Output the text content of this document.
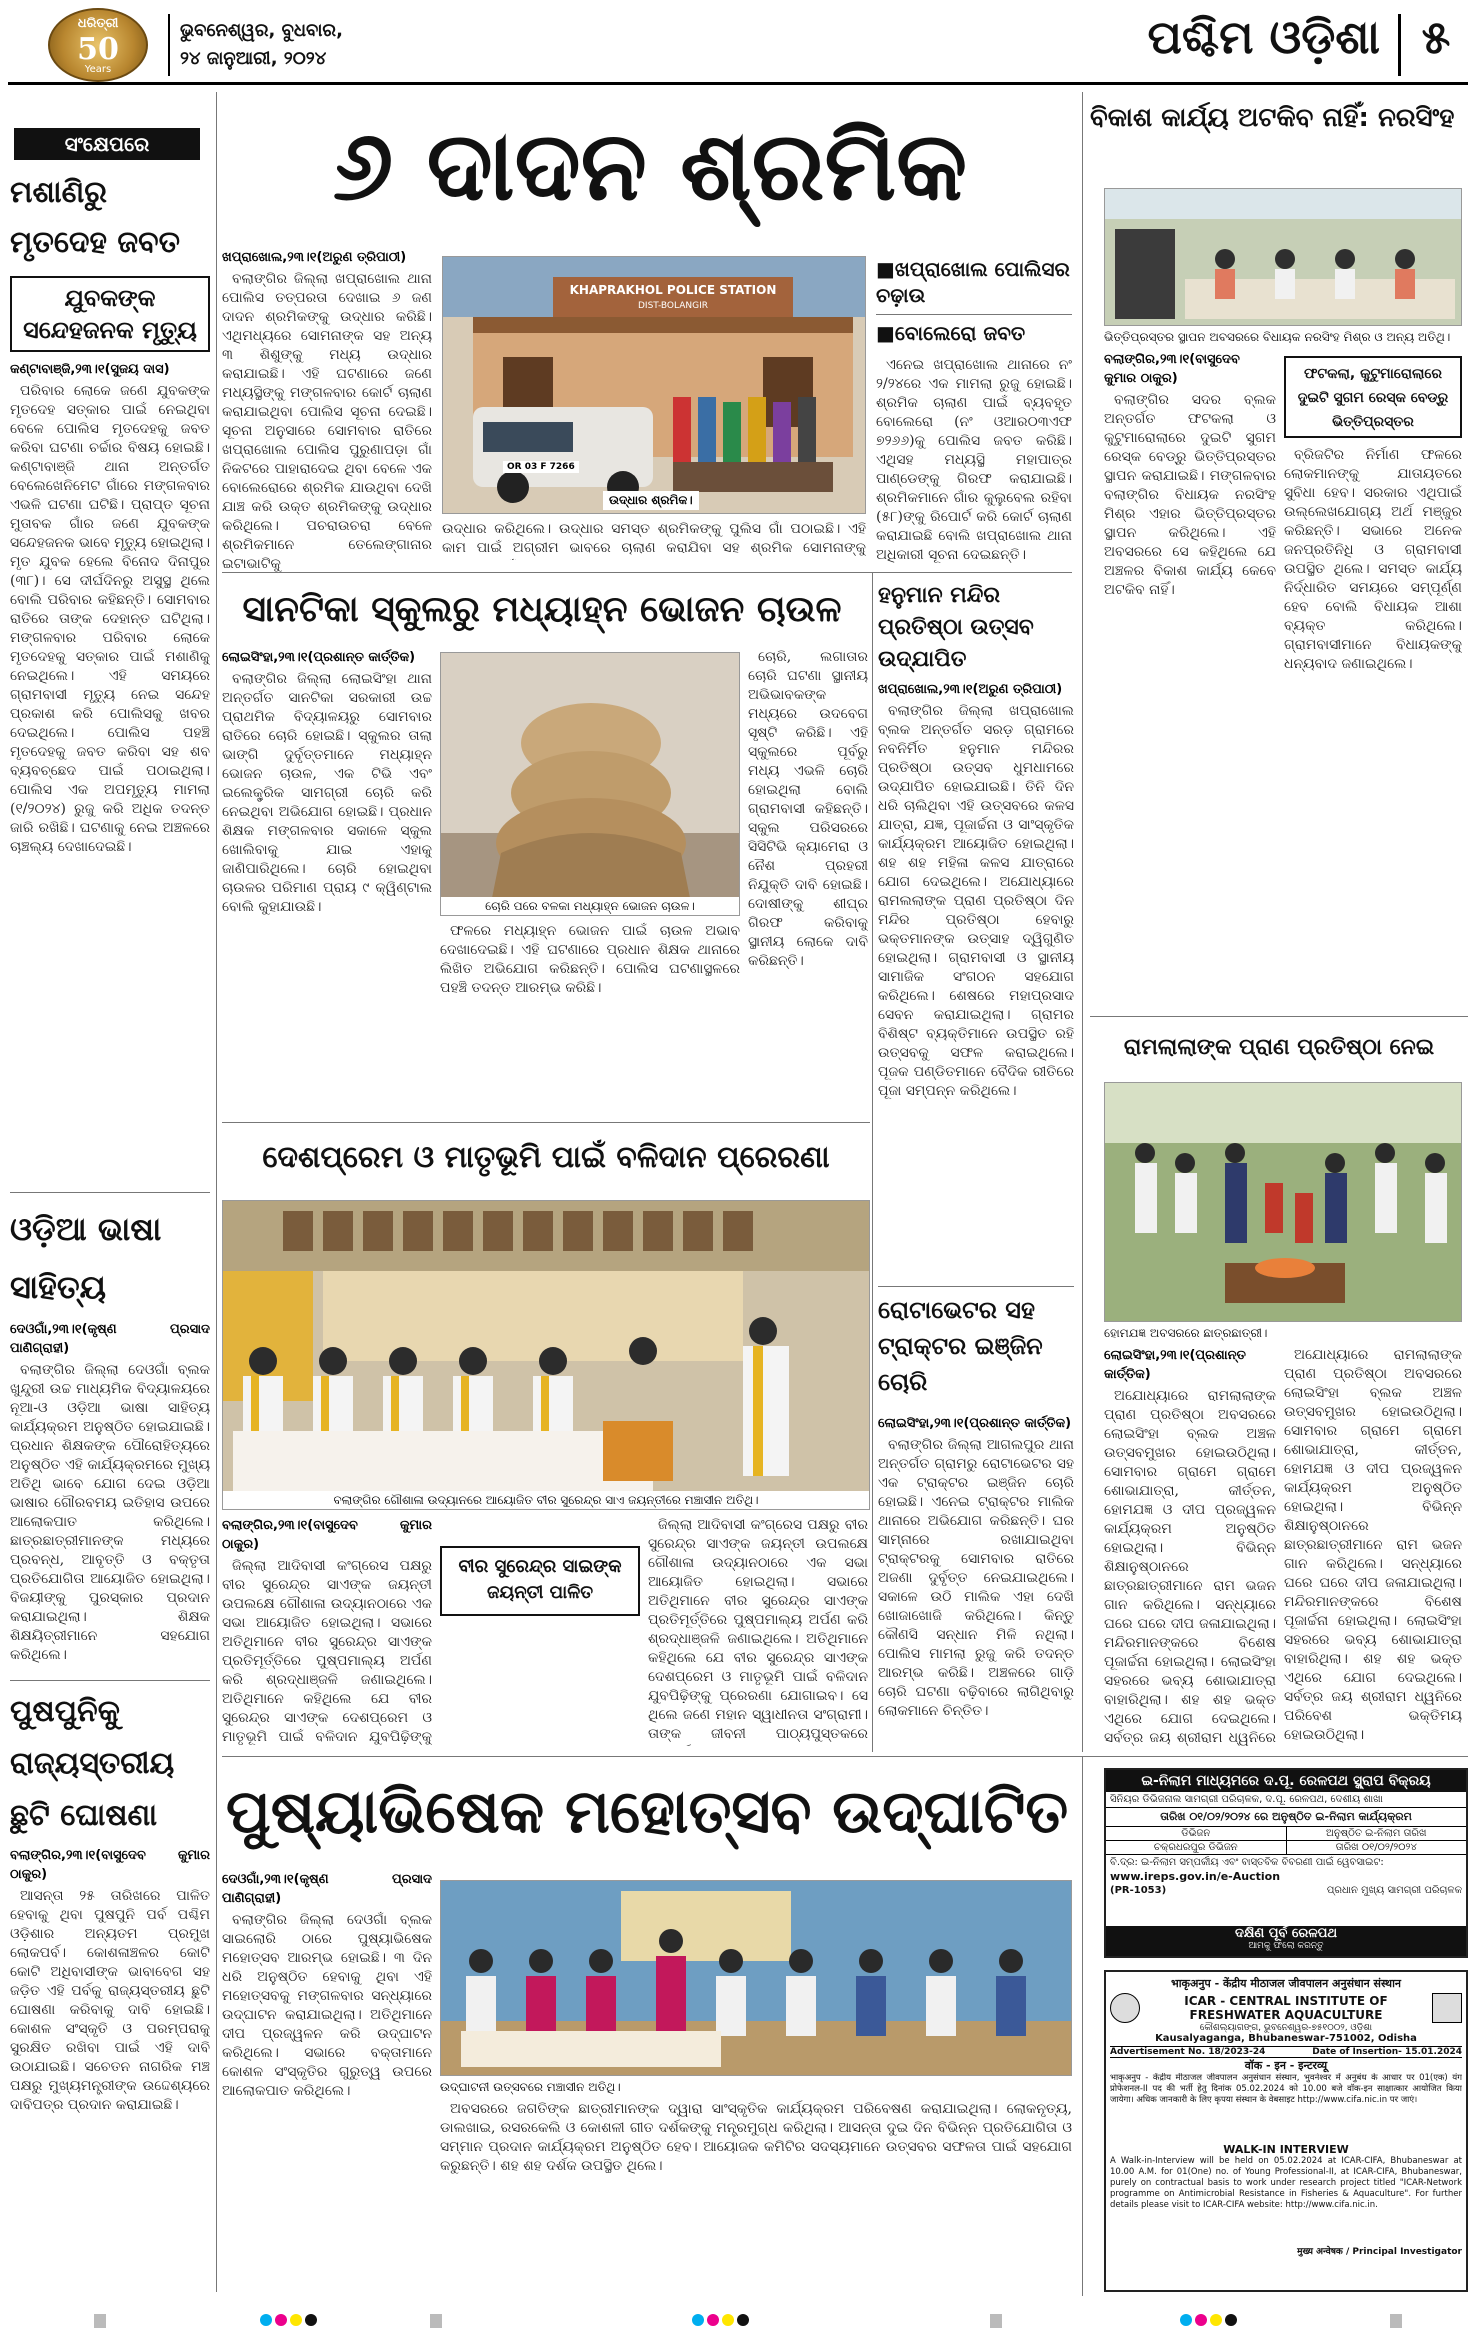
ଧରିତ୍ରୀ
50
Years
ଭୁବନେଶ୍ୱର, ବୁଧବାର,
୨୪ ଜାନୁଆରୀ, ୨୦୨୪	ପଶ୍ଚିମ ଓଡ଼ିଶା ୫
ସଂକ୍ଷେପରେ
ମଶାଣିରୁ ମୃତଦେହ ଜବତ
ଯୁବକଙ୍କ ସନ୍ଦେହଜନକ ମୃତ୍ୟୁ
କଣ୍ଟାବାଞ୍ଜି,୨୩।୧(ସୁଜୟ ଦାସ)

ପରିବାର ଲୋକେ ଜଣେ ଯୁବକଙ୍କ ମୃତଦେହ ସତ୍କାର ପାଇଁ ନେଇଥିବା ବେଳେ ପୋଲିସ ମୃତଦେହକୁ ଜବତ କରିବା ଘଟଣା ଚର୍ଚ୍ଚାର ବିଷୟ ହୋଇଛି। କଣ୍ଟାବାଞ୍ଜି ଥାନା ଅନ୍ତର୍ଗତ ବେଲେଖେନିମେଟ ଗାଁରେ ମଙ୍ଗଳବାର ଏଭଳି ଘଟଣା ଘଟିଛି। ପ୍ରାପ୍ତ ସୂଚନା ମୁତାବକ ଗାଁର ଜଣେ ଯୁବକଙ୍କ ସନ୍ଦେହଜନକ ଭାବେ ମୃତ୍ୟୁ ହୋଇଥିଲା। ମୃତ ଯୁବକ ହେଲେ ବିନୋଦ ଦିନାପୁର (୩୮)। ସେ ଦୀର୍ଘଦିନରୁ ଅସୁସ୍ଥ ଥିଲେ ବୋଲି ପରିବାର କହିଛନ୍ତି। ସୋମବାର ରାତିରେ ତାଙ୍କ ଦେହାନ୍ତ ଘଟିଥିଲା। ମଙ୍ଗଳବାର ପରିବାର ଲୋକେ ମୃତଦେହକୁ ସତ୍କାର ପାଇଁ ମଶାଣିକୁ ନେଇଥିଲେ। ଏହି ସମୟରେ ଗ୍ରାମବାସୀ ମୃତ୍ୟୁ ନେଇ ସନ୍ଦେହ ପ୍ରକାଶ କରି ପୋଲିସକୁ ଖବର ଦେଇଥିଲେ। ପୋଲିସ ପହଞ୍ଚି ମୃତଦେହକୁ ଜବତ କରିବା ସହ ଶବ ବ୍ୟବଚ୍ଛେଦ ପାଇଁ ପଠାଇଥିଲା। ପୋଲିସ ଏକ ଅପମୃତ୍ୟୁ ମାମଲା (୧/୨୦୨୪) ରୁଜୁ କରି ଅଧିକ ତଦନ୍ତ ଜାରି ରଖିଛି। ଘଟଣାକୁ ନେଇ ଅଞ୍ଚଳରେ ଚାଞ୍ଚଲ୍ୟ ଦେଖାଦେଇଛି।

ଓଡ଼ିଆ ଭାଷା ସାହିତ୍ୟ
ଦେଓଗାଁ,୨୩।୧(କୃଷ୍ଣ ପ୍ରସାଦ ପାଣିଗ୍ରାହୀ)

ବଲାଙ୍ଗିର ଜିଲ୍ଲା ଦେଓଗାଁ ବ୍ଲକ ଖୁନ୍ଦୁରୀ ଉଚ୍ଚ ମାଧ୍ୟମିକ ବିଦ୍ୟାଳୟରେ ନୂଆ-ଓ ଓଡ଼ିଆ ଭାଷା ସାହିତ୍ୟ କାର୍ଯ୍ୟକ୍ରମ ଅନୁଷ୍ଠିତ ହୋଇଯାଇଛି। ପ୍ରଧାନ ଶିକ୍ଷକଙ୍କ ପୌରୋହିତ୍ୟରେ ଅନୁଷ୍ଠିତ ଏହି କାର୍ଯ୍ୟକ୍ରମରେ ମୁଖ୍ୟ ଅତିଥି ଭାବେ ଯୋଗ ଦେଇ ଓଡ଼ିଆ ଭାଷାର ଗୌରବମୟ ଇତିହାସ ଉପରେ ଆଲୋକପାତ କରିଥିଲେ। ଛାତ୍ରଛାତ୍ରୀମାନଙ୍କ ମଧ୍ୟରେ ପ୍ରବନ୍ଧ, ଆବୃତ୍ତି ଓ ବକ୍ତୃତା ପ୍ରତିଯୋଗିତା ଆୟୋଜିତ ହୋଇଥିଲା। ବିଜୟୀଙ୍କୁ ପୁରସ୍କାର ପ୍ରଦାନ କରାଯାଇଥିଲା। ଶିକ୍ଷକ ଶିକ୍ଷୟିତ୍ରୀମାନେ ସହଯୋଗ କରିଥିଲେ।

ପୁଷପୁନିକୁ ରାଜ୍ୟସ୍ତରୀୟ ଛୁଟି ଘୋଷଣା
ବଲାଙ୍ଗିର,୨୩।୧(ବାସୁଦେବ କୁମାର ଠାକୁର)

ଆସନ୍ତା ୨୫ ତାରିଖରେ ପାଳିତ ହେବାକୁ ଥିବା ପୁଷପୁନି ପର୍ବ ପଶ୍ଚିମ ଓଡ଼ିଶାର ଅନ୍ୟତମ ପ୍ରମୁଖ ଲୋକପର୍ବ। କୋଶଳାଞ୍ଚଳର କୋଟି କୋଟି ଅଧିବାସୀଙ୍କ ଭାବାବେଗ ସହ ଜଡ଼ିତ ଏହି ପର୍ବକୁ ରାଜ୍ୟସ୍ତରୀୟ ଛୁଟି ଘୋଷଣା କରିବାକୁ ଦାବି ହୋଇଛି। କୋଶଳ ସଂସ୍କୃତି ଓ ପରମ୍ପରାକୁ ସୁରକ୍ଷିତ ରଖିବା ପାଇଁ ଏହି ଦାବି ଉଠାଯାଇଛି। ସଚେତନ ନାଗରିକ ମଞ୍ଚ ପକ୍ଷରୁ ମୁଖ୍ୟମନ୍ତ୍ରୀଙ୍କ ଉଦ୍ଦେଶ୍ୟରେ ଦାବିପତ୍ର ପ୍ରଦାନ କରାଯାଇଛି।

୬ ଦାଦନ ଶ୍ରମିକ
ଖପ୍ରାଖୋଲ,୨୩।୧(ଅରୁଣ ତ୍ରିପାଠୀ)

ବଲାଙ୍ଗିର ଜିଲ୍ଲା ଖପ୍ରାଖୋଲ ଥାନା ପୋଲିସ ତତ୍ପରତା ଦେଖାଇ ୬ ଜଣ ଦାଦନ ଶ୍ରମିକଙ୍କୁ ଉଦ୍ଧାର କରିଛି। ଏଥିମଧ୍ୟରେ ସୋମନାଙ୍କ ସହ ଅନ୍ୟ ୩ ଶିଶୁଙ୍କୁ ମଧ୍ୟ ଉଦ୍ଧାର କରାଯାଇଛି। ଏହି ଘଟଣାରେ ଜଣେ ମଧ୍ୟସ୍ଥିଙ୍କୁ ମଙ୍ଗଳବାର କୋର୍ଟ ଚାଲାଣ କରାଯାଇଥିବା ପୋଲିସ ସୂଚନା ଦେଇଛି। ସୂଚନା ଅନୁସାରେ ସୋମବାର ରାତିରେ ଖପ୍ରାଖୋଲ ପୋଲିସ ପୁରୁଣାପଡ଼ା ଗାଁ ନିକଟରେ ପାହାରାଦେଇ ଥିବା ବେଳେ ଏକ ବୋଲେରୋରେ ଶ୍ରମିକ ଯାଉଥିବା ଦେଖି ଯାଞ୍ଚ କରି ଉକ୍ତ ଶ୍ରମିକଙ୍କୁ ଉଦ୍ଧାର କରିଥିଲେ। ପଚରାଉଚରା ବେଳେ ଶ୍ରମିକମାନେ ତେଲେଙ୍ଗାନାର ଇଟାଭାଟିକୁ

KHAPRAKHOL POLICE STATION
DIST-BOLANGIR
OR 03 F 7266
ଉଦ୍ଧାର ଶ୍ରମିକ।

ଉଦ୍ଧାର କରିଥିଲେ। ଉଦ୍ଧାର ସମସ୍ତ ଶ୍ରମିକଙ୍କୁ ପୁଲିସ ଗାଁ ପଠାଇଛି। ଏହି କାମ ପାଇଁ ଅଗ୍ରୀମ ଭାବରେ ଚାଲାଣ କରାଯିବା ସହ ଶ୍ରମିକ ସୋମନାଙ୍କୁ

■ଖପ୍ରାଖୋଲ ପୋଲିସର ଚଢ଼ାଉ
■ବୋଲେରୋ ଜବତ

ଏନେଇ ଖପ୍ରାଖୋଲ ଥାନାରେ ନଂ ୨/୨୪ରେ ଏକ ମାମଲା ରୁଜୁ ହୋଇଛି। ଶ୍ରମିକ ଚାଲାଣ ପାଇଁ ବ୍ୟବହୃତ ବୋଲେରୋ (ନଂ ଓଆର୦୩ଏଫ ୭୨୬୬)କୁ ପୋଲିସ ଜବତ କରିଛି। ଏଥିସହ ମଧ୍ୟସ୍ଥି ମହାପାତ୍ର ପାଣ୍ଡେଙ୍କୁ ଗିରଫ କରାଯାଇଛି। ଶ୍ରମିକମାନେ ଗାଁର କୁଲୁବେଲ ରହିବା (୫୮)ଙ୍କୁ ରିପୋର୍ଟ କରି କୋର୍ଟ ଚାଲାଣ କରାଯାଇଛି ବୋଲି ଖପ୍ରାଖୋଲ ଥାନା ଅଧିକାରୀ ସୂଚନା ଦେଇଛନ୍ତି।

ସାନଟିକା ସ୍କୁଲରୁ ମଧ୍ୟାହ୍ନ ଭୋଜନ ଚାଉଳ
ଲୋଇସିଂହା,୨୩।୧(ପ୍ରଶାନ୍ତ କାର୍ତ୍ତିକ)

ବଲାଙ୍ଗିର ଜିଲ୍ଲା ଲୋଇସିଂହା ଥାନା ଅନ୍ତର୍ଗତ ସାନଟିକା ସରକାରୀ ଉଚ୍ଚ ପ୍ରାଥମିକ ବିଦ୍ୟାଳୟରୁ ସୋମବାର ରାତିରେ ଚୋରି ହୋଇଛି। ସ୍କୁଲର ତାଲା ଭାଙ୍ଗି ଦୁର୍ବୃତ୍ତମାନେ ମଧ୍ୟାହ୍ନ ଭୋଜନ ଚାଉଳ, ଏକ ଟିଭି ଏବଂ ଇଲେକ୍ଟ୍ରିକ ସାମଗ୍ରୀ ଚୋରି କରି ନେଇଥିବା ଅଭିଯୋଗ ହୋଇଛି। ପ୍ରଧାନ ଶିକ୍ଷକ ମଙ୍ଗଳବାର ସକାଳେ ସ୍କୁଲ ଖୋଲିବାକୁ ଯାଇ ଏହାକୁ ଜାଣିପାରିଥିଲେ। ଚୋରି ହୋଇଥିବା ଚାଉଳର ପରିମାଣ ପ୍ରାୟ ୯ କ୍ୱିଣ୍ଟାଲ ବୋଲି କୁହାଯାଉଛି।	ଚୋରି ପରେ ବଳକା ମଧ୍ୟାହ୍ନ ଭୋଜନ ଚାଉଳ।

ଫଳରେ ମଧ୍ୟାହ୍ନ ଭୋଜନ ପାଇଁ ଚାଉଳ ଅଭାବ ଦେଖାଦେଇଛି। ଏହି ଘଟଣାରେ ପ୍ରଧାନ ଶିକ୍ଷକ ଥାନାରେ ଲିଖିତ ଅଭିଯୋଗ କରିଛନ୍ତି। ପୋଲିସ ଘଟଣାସ୍ଥଳରେ ପହଞ୍ଚି ତଦନ୍ତ ଆରମ୍ଭ କରିଛି।

ଚୋରି, ଲଗାତାର ଚୋରି ଘଟଣା ସ୍ଥାନୀୟ ଅଭିଭାବକଙ୍କ ମଧ୍ୟରେ ଉଦବେଗ ସୃଷ୍ଟି କରିଛି। ଏହି ସ୍କୁଲରେ ପୂର୍ବରୁ ମଧ୍ୟ ଏଭଳି ଚୋରି ହୋଇଥିଲା ବୋଲି ଗ୍ରାମବାସୀ କହିଛନ୍ତି। ସ୍କୁଲ ପରିସରରେ ସିସିଟିଭି କ୍ୟାମେରା ଓ ନୈଶ ପ୍ରହରୀ ନିଯୁକ୍ତି ଦାବି ହୋଇଛି। ଦୋଷୀଙ୍କୁ ଶୀଘ୍ର ଗିରଫ କରିବାକୁ ସ୍ଥାନୀୟ ଲୋକେ ଦାବି କରିଛନ୍ତି।

ହନୁମାନ ମନ୍ଦିର ପ୍ରତିଷ୍ଠା ଉତ୍ସବ ଉଦ୍‌ଯାପିତ
ଖପ୍ରାଖୋଲ,୨୩।୧(ଅରୁଣ ତ୍ରିପାଠୀ)

ବଲାଙ୍ଗିର ଜିଲ୍ଲା ଖପ୍ରାଖୋଲ ବ୍ଲକ ଅନ୍ତର୍ଗତ ସରଡ଼ ଗ୍ରାମରେ ନବନିର୍ମିତ ହନୁମାନ ମନ୍ଦିରର ପ୍ରତିଷ୍ଠା ଉତ୍ସବ ଧୁମଧାମରେ ଉଦ୍‌ଯାପିତ ହୋଇଯାଇଛି। ତିନି ଦିନ ଧରି ଚାଲିଥିବା ଏହି ଉତ୍ସବରେ କଳସ ଯାତ୍ରା, ଯଜ୍ଞ, ପୂଜାର୍ଚ୍ଚନା ଓ ସାଂସ୍କୃତିକ କାର୍ଯ୍ୟକ୍ରମ ଆୟୋଜିତ ହୋଇଥିଲା। ଶହ ଶହ ମହିଳା କଳସ ଯାତ୍ରାରେ ଯୋଗ ଦେଇଥିଲେ। ଅଯୋଧ୍ୟାରେ ରାମଲଲାଙ୍କ ପ୍ରାଣ ପ୍ରତିଷ୍ଠା ଦିନ ମନ୍ଦିର ପ୍ରତିଷ୍ଠା ହେବାରୁ ଭକ୍ତମାନଙ୍କ ଉତ୍ସାହ ଦ୍ୱିଗୁଣିତ ହୋଇଥିଲା। ଗ୍ରାମବାସୀ ଓ ସ୍ଥାନୀୟ ସାମାଜିକ ସଂଗଠନ ସହଯୋଗ କରିଥିଲେ। ଶେଷରେ ମହାପ୍ରସାଦ ସେବନ କରାଯାଇଥିଲା। ଗ୍ରାମର ବିଶିଷ୍ଟ ବ୍ୟକ୍ତିମାନେ ଉପସ୍ଥିତ ରହି ଉତ୍ସବକୁ ସଫଳ କରାଇଥିଲେ। ପୂଜକ ପଣ୍ଡିତମାନେ ବୈଦିକ ରୀତିରେ ପୂଜା ସମ୍ପନ୍ନ କରିଥିଲେ।

ଦେଶପ୍ରେମ ଓ ମାତୃଭୂମି ପାଇଁ ବଳିଦାନ ପ୍ରେରଣା
ବଲାଙ୍ଗିର ଗୌଶାଳା ଉଦ୍ୟାନରେ ଆୟୋଜିତ ବୀର ସୁରେନ୍ଦ୍ର ସାଏ ଜୟନ୍ତୀରେ ମଞ୍ଚାସୀନ ଅତିଥି।
ବଲାଙ୍ଗିର,୨୩।୧(ବାସୁଦେବ କୁମାର ଠାକୁର)

ଜିଲ୍ଲା ଆଦିବାସୀ କଂଗ୍ରେସ ପକ୍ଷରୁ ବୀର ସୁରେନ୍ଦ୍ର ସାଏଙ୍କ ଜୟନ୍ତୀ ଉପଲକ୍ଷେ ଗୌଶାଳା ଉଦ୍ୟାନଠାରେ ଏକ ସଭା ଆୟୋଜିତ ହୋଇଥିଲା। ସଭାରେ ଅତିଥିମାନେ ବୀର ସୁରେନ୍ଦ୍ର ସାଏଙ୍କ ପ୍ରତିମୂର୍ତ୍ତିରେ ପୁଷ୍ପମାଲ୍ୟ ଅର୍ପଣ କରି ଶ୍ରଦ୍ଧାଞ୍ଜଳି ଜଣାଇଥିଲେ। ଅତିଥିମାନେ କହିଥିଲେ ଯେ ବୀର ସୁରେନ୍ଦ୍ର ସାଏଙ୍କ ଦେଶପ୍ରେମ ଓ ମାତୃଭୂମି ପାଇଁ ବଳିଦାନ ଯୁବପିଢ଼ିଙ୍କୁ

ବୀର ସୁରେନ୍ଦ୍ର ସାଇଙ୍କ ଜୟନ୍ତୀ ପାଳିତ

ଜିଲ୍ଲା ଆଦିବାସୀ କଂଗ୍ରେସ ପକ୍ଷରୁ ବୀର ସୁରେନ୍ଦ୍ର ସାଏଙ୍କ ଜୟନ୍ତୀ ଉପଲକ୍ଷେ ଗୌଶାଳା ଉଦ୍ୟାନଠାରେ ଏକ ସଭା ଆୟୋଜିତ ହୋଇଥିଲା। ସଭାରେ ଅତିଥିମାନେ ବୀର ସୁରେନ୍ଦ୍ର ସାଏଙ୍କ ପ୍ରତିମୂର୍ତ୍ତିରେ ପୁଷ୍ପମାଲ୍ୟ ଅର୍ପଣ କରି ଶ୍ରଦ୍ଧାଞ୍ଜଳି ଜଣାଇଥିଲେ। ଅତିଥିମାନେ କହିଥିଲେ ଯେ ବୀର ସୁରେନ୍ଦ୍ର ସାଏଙ୍କ ଦେଶପ୍ରେମ ଓ ମାତୃଭୂମି ପାଇଁ ବଳିଦାନ ଯୁବପିଢ଼ିଙ୍କୁ ପ୍ରେରଣା ଯୋଗାଇବ। ସେ ଥିଲେ ଜଣେ ମହାନ ସ୍ୱାଧୀନତା ସଂଗ୍ରାମୀ। ତାଙ୍କ ଜୀବନୀ ପାଠ୍ୟପୁସ୍ତକରେ

ରୋଟାଭେଟର ସହ ଟ୍ରାକ୍ଟର ଇଞ୍ଜିନ ଚୋରି
ଲୋଇସିଂହା,୨୩।୧(ପ୍ରଶାନ୍ତ କାର୍ତ୍ତିକ)

ବଲାଙ୍ଗିର ଜିଲ୍ଲା ଆଗଲପୁର ଥାନା ଅନ୍ତର୍ଗତ ଗ୍ରାମରୁ ରୋଟାଭେଟର ସହ ଏକ ଟ୍ରାକ୍ଟର ଇଞ୍ଜିନ ଚୋରି ହୋଇଛି। ଏନେଇ ଟ୍ରାକ୍ଟର ମାଲିକ ଥାନାରେ ଅଭିଯୋଗ କରିଛନ୍ତି। ଘର ସାମ୍ନାରେ ରଖାଯାଇଥିବା ଟ୍ରାକ୍ଟରକୁ ସୋମବାର ରାତିରେ ଅଜଣା ଦୁର୍ବୃତ୍ତ ନେଇଯାଇଥିଲେ। ସକାଳେ ଉଠି ମାଲିକ ଏହା ଦେଖି ଖୋଜାଖୋଜି କରିଥିଲେ। କିନ୍ତୁ କୌଣସି ସନ୍ଧାନ ମିଳି ନଥିଲା। ପୋଲିସ ମାମଲା ରୁଜୁ କରି ତଦନ୍ତ ଆରମ୍ଭ କରିଛି। ଅଞ୍ଚଳରେ ଗାଡ଼ି ଚୋରି ଘଟଣା ବଢ଼ିବାରେ ଲାଗିଥିବାରୁ ଲୋକମାନେ ଚିନ୍ତିତ।

ବିକାଶ କାର୍ଯ୍ୟ ଅଟକିବ ନାହିଁ: ନରସିଂହ
ଭିତ୍ତିପ୍ରସ୍ତର ସ୍ଥାପନ ଅବସରରେ ବିଧାୟକ ନରସିଂହ ମିଶ୍ର ଓ ଅନ୍ୟ ଅତିଥି।
ବଲାଙ୍ଗିର,୨୩।୧(ବାସୁଦେବ କୁମାର ଠାକୁର)

ବଲାଙ୍ଗିର ସଦର ବ୍ଲକ ଅନ୍ତର୍ଗତ ଫଟକଲା ଓ କୁଟୁମାରୋଲାରେ ଦୁଇଟି ସୁଗମ ରେସ୍କ ବେଡ୍ରୁ ଭିତ୍ତିପ୍ରସ୍ତର ସ୍ଥାପନ କରାଯାଇଛି। ମଙ୍ଗଳବାର ବଲାଙ୍ଗିର ବିଧାୟକ ନରସିଂହ ମିଶ୍ର ଏହାର ଭିତ୍ତିପ୍ରସ୍ତର ସ୍ଥାପନ କରିଥିଲେ। ଏହି ଅବସରରେ ସେ କହିଥିଲେ ଯେ ଅଞ୍ଚଳର ବିକାଶ କାର୍ଯ୍ୟ କେବେ ଅଟକିବ ନାହିଁ।

ଫଟକଲା, କୁଟୁମାରୋଲାରେ ଦୁଇଟି ସୁଗମ ରେସ୍କ ବେଡ୍ରୁ ଭିତ୍ତିପ୍ରସ୍ତର

ବ୍ରିଜଟିର ନିର୍ମାଣ ଫଳରେ ଲୋକମାନଙ୍କୁ ଯାତାୟତରେ ସୁବିଧା ହେବ। ସରକାର ଏଥିପାଇଁ ଉଲ୍ଲେଖଯୋଗ୍ୟ ଅର୍ଥ ମଞ୍ଜୁର କରିଛନ୍ତି। ସଭାରେ ଅନେକ ଜନପ୍ରତିନିଧି ଓ ଗ୍ରାମବାସୀ ଉପସ୍ଥିତ ଥିଲେ। ସମସ୍ତ କାର୍ଯ୍ୟ ନିର୍ଦ୍ଧାରିତ ସମୟରେ ସମ୍ପୂର୍ଣ୍ଣ ହେବ ବୋଲି ବିଧାୟକ ଆଶା ବ୍ୟକ୍ତ କରିଥିଲେ। ଗ୍ରାମବାସୀମାନେ ବିଧାୟକଙ୍କୁ ଧନ୍ୟବାଦ ଜଣାଇଥିଲେ।

ରାମଲାଲାଙ୍କ ପ୍ରାଣ ପ୍ରତିଷ୍ଠା ନେଇ
ହୋମଯଜ୍ଞ ଅବସରରେ ଛାତ୍ରଛାତ୍ରୀ।
ଲୋଇସିଂହା,୨୩।୧(ପ୍ରଶାନ୍ତ କାର୍ତ୍ତିକ)

ଅଯୋଧ୍ୟାରେ ରାମଲାଲାଙ୍କ ପ୍ରାଣ ପ୍ରତିଷ୍ଠା ଅବସରରେ ଲୋଇସିଂହା ବ୍ଲକ ଅଞ୍ଚଳ ଉତ୍ସବମୁଖର ହୋଇଉଠିଥିଲା। ସୋମବାର ଗ୍ରାମେ ଗ୍ରାମେ ଶୋଭାଯାତ୍ରା, କୀର୍ତ୍ତନ, ହୋମଯଜ୍ଞ ଓ ଦୀପ ପ୍ରଜ୍ୱଳନ କାର୍ଯ୍ୟକ୍ରମ ଅନୁଷ୍ଠିତ ହୋଇଥିଲା। ବିଭିନ୍ନ ଶିକ୍ଷାନୁଷ୍ଠାନରେ ଛାତ୍ରଛାତ୍ରୀମାନେ ରାମ ଭଜନ ଗାନ କରିଥିଲେ। ସନ୍ଧ୍ୟାରେ ଘରେ ଘରେ ଦୀପ ଜଳାଯାଇଥିଲା। ମନ୍ଦିରମାନଙ୍କରେ ବିଶେଷ ପୂଜାର୍ଚ୍ଚନା ହୋଇଥିଲା। ଲୋଇସିଂହା ସହରରେ ଭବ୍ୟ ଶୋଭାଯାତ୍ରା ବାହାରିଥିଲା। ଶହ ଶହ ଭକ୍ତ ଏଥିରେ ଯୋଗ ଦେଇଥିଲେ। ସର୍ବତ୍ର ଜୟ ଶ୍ରୀରାମ ଧ୍ୱନିରେ

ଅଯୋଧ୍ୟାରେ ରାମଲାଲାଙ୍କ ପ୍ରାଣ ପ୍ରତିଷ୍ଠା ଅବସରରେ ଲୋଇସିଂହା ବ୍ଲକ ଅଞ୍ଚଳ ଉତ୍ସବମୁଖର ହୋଇଉଠିଥିଲା। ସୋମବାର ଗ୍ରାମେ ଗ୍ରାମେ ଶୋଭାଯାତ୍ରା, କୀର୍ତ୍ତନ, ହୋମଯଜ୍ଞ ଓ ଦୀପ ପ୍ରଜ୍ୱଳନ କାର୍ଯ୍ୟକ୍ରମ ଅନୁଷ୍ଠିତ ହୋଇଥିଲା। ବିଭିନ୍ନ ଶିକ୍ଷାନୁଷ୍ଠାନରେ ଛାତ୍ରଛାତ୍ରୀମାନେ ରାମ ଭଜନ ଗାନ କରିଥିଲେ। ସନ୍ଧ୍ୟାରେ ଘରେ ଘରେ ଦୀପ ଜଳାଯାଇଥିଲା। ମନ୍ଦିରମାନଙ୍କରେ ବିଶେଷ ପୂଜାର୍ଚ୍ଚନା ହୋଇଥିଲା। ଲୋଇସିଂହା ସହରରେ ଭବ୍ୟ ଶୋଭାଯାତ୍ରା ବାହାରିଥିଲା। ଶହ ଶହ ଭକ୍ତ ଏଥିରେ ଯୋଗ ଦେଇଥିଲେ। ସର୍ବତ୍ର ଜୟ ଶ୍ରୀରାମ ଧ୍ୱନିରେ ପରିବେଶ ଭକ୍ତିମୟ ହୋଇଉଠିଥିଲା।

ପୁଷ୍ୟାଭିଷେକ ମହୋତ୍ସବ ଉଦ୍‌ଘାଟିତ
ଦେଓଗାଁ,୨୩।୧(କୃଷ୍ଣ ପ୍ରସାଦ ପାଣିଗ୍ରାହୀ)

ବଲାଙ୍ଗିର ଜିଲ୍ଲା ଦେଓଗାଁ ବ୍ଲକ ସାଇଲୋରି ଠାରେ ପୁଷ୍ୟାଭିଷେକ ମହୋତ୍ସବ ଆରମ୍ଭ ହୋଇଛି। ୩ ଦିନ ଧରି ଅନୁଷ୍ଠିତ ହେବାକୁ ଥିବା ଏହି ମହୋତ୍ସବକୁ ମଙ୍ଗଳବାର ସନ୍ଧ୍ୟାରେ ଉଦ୍‌ଘାଟନ କରାଯାଇଥିଲା। ଅତିଥିମାନେ ଦୀପ ପ୍ରଜ୍ୱଳନ କରି ଉଦ୍‌ଘାଟନ କରିଥିଲେ। ସଭାରେ ବକ୍ତାମାନେ କୋଶଳ ସଂସ୍କୃତିର ଗୁରୁତ୍ୱ ଉପରେ ଆଲୋକପାତ କରିଥିଲେ।	ଉଦ୍‌ଘାଟନୀ ଉତ୍ସବରେ ମଞ୍ଚାସୀନ ଅତିଥି।

ଅବସରରେ ଜଗତିଙ୍କ ଛାତ୍ରୀମାନଙ୍କ ଦ୍ୱାରା ସାଂସ୍କୃତିକ କାର୍ଯ୍ୟକ୍ରମ ପରିବେଷଣ କରାଯାଇଥିଲା। ଲୋକନୃତ୍ୟ, ଡାଲଖାଇ, ରସରକେଲି ଓ କୋଶଳୀ ଗୀତ ଦର୍ଶକଙ୍କୁ ମନ୍ତ୍ରମୁଗ୍ଧ କରିଥିଲା। ଆସନ୍ତା ଦୁଇ ଦିନ ବିଭିନ୍ନ ପ୍ରତିଯୋଗିତା ଓ ସମ୍ମାନ ପ୍ରଦାନ କାର୍ଯ୍ୟକ୍ରମ ଅନୁଷ୍ଠିତ ହେବ। ଆୟୋଜକ କମିଟିର ସଦସ୍ୟମାନେ ଉତ୍ସବର ସଫଳତା ପାଇଁ ସହଯୋଗ କରୁଛନ୍ତି। ଶହ ଶହ ଦର୍ଶକ ଉପସ୍ଥିତ ଥିଲେ।

ଇ-ନିଲାମ ମାଧ୍ୟମରେ ଦ.ପୂ. ରେଳପଥ ସ୍କ୍ରାପ ବିକ୍ରୟ
ସିନିୟର ଡିଭିଜନାଲ ସାମଗ୍ରୀ ପରିଚାଳକ, ଦ.ପୂ. ରେଳପଥ, ଦେଶୀୟ ଶାଖା
ତାରିଖ ୦୧/୦୨/୨୦୨୪ ରେ ଅନୁଷ୍ଠିତ ଇ-ନିଲାମ କାର୍ଯ୍ୟକ୍ରମ
ଡିଭିଜନ	ଅନୁଷ୍ଠିତ ଇ-ନିଲାମ ତାରିଖ
ଚକ୍ରଧରପୁର ଡିଭିଜନ	ତାରିଖ ୦୧/୦୨/୨୦୨୪
ବି.ଦ୍ର: ଇ-ନିଲାମ ସମ୍ପର୍କୀୟ ଏବଂ ବାସ୍ତବିକ ବିବରଣୀ ପାଇଁ ୱେବସାଇଟ:
www.ireps.gov.in/e-Auction
(PR-1053)	ପ୍ରଧାନ ମୁଖ୍ୟ ସାମଗ୍ରୀ ପରିଚାଳକ
ଦକ୍ଷିଣ ପୂର୍ବ ରେଳପଥ
ଆମକୁ ଫଲୋ କରନ୍ତୁ
भाकृअनुप - केंद्रीय मीठाजल जीवपालन अनुसंधान संस्थान
ICAR - CENTRAL INSTITUTE OF
FRESHWATER AQUACULTURE
କୌଶଲ୍ୟାଗଙ୍ଗ, ଭୁବନେଶ୍ୱର-୭୫୧୦୦୨, ଓଡ଼ିଶା
Kausalyaganga, Bhubaneswar-751002, Odisha
Advertisement No. 18/2023-24	Date of Insertion- 15.01.2024
वॉक - इन - इन्टरव्यू
भाकृअनुप - केंद्रीय मीठाजल जीवपालन अनुसंधान संस्थान, भुवनेश्वर में अनुबंध के आधार पर 01(एक) यंग प्रोफेशनल-II पद की भर्ती हेतु दिनांक 05.02.2024 को 10.00 बजे वॉक-इन साक्षात्कार आयोजित किया जायेगा। अधिक जानकारी के लिए कृपया संस्थान के वेबसाइट http://www.cifa.nic.in पर जाएं।
WALK-IN INTERVIEW
A Walk-in-Interview will be held on 05.02.2024 at ICAR-CIFA, Bhubaneswar at 10.00 A.M. for 01(One) no. of Young Professional-II, at ICAR-CIFA, Bhubaneswar, purely on contractual basis to work under research project titled "ICAR-Network programme on Antimicrobial Resistance in Fisheries & Aquaculture". For further details please visit to ICAR-CIFA website: http://www.cifa.nic.in.
मुख्य अन्वेषक / Principal Investigator
